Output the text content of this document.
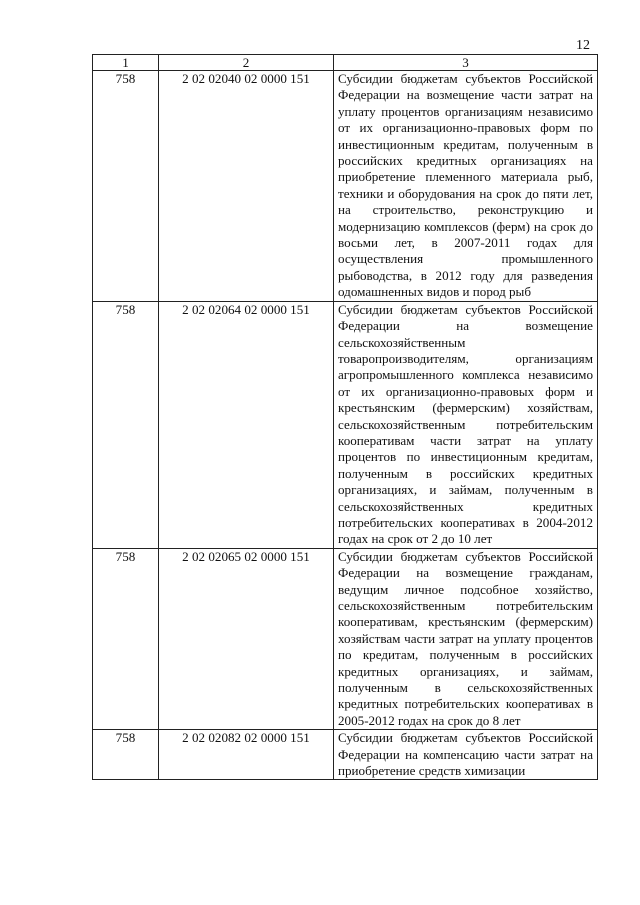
12
1	2	3
758	2 02 02040 02 0000 151	Субсидии бюджетам субъектов Российской Федерации на возмещение части затрат на уплату процентов организациям независимо от их организационно-правовых форм по инвестиционным кредитам, полученным в российских кредитных организациях на приобретение племенного материала рыб, техники и оборудования на срок до пяти лет, на строительство, реконструкцию и модернизацию комплексов (ферм) на срок до восьми лет, в 2007-2011 годах для осуществления промышленного рыбоводства, в 2012 году для разведения одомашненных видов и пород рыб
758	2 02 02064 02 0000 151	Субсидии бюджетам субъектов Российской Федерации на возмещение сельскохозяйственным товаропроизводителям, организациям агропромышленного комплекса независимо от их организационно-правовых форм и крестьянским (фермерским) хозяйствам, сельскохозяйственным потребительским кооперативам части затрат на уплату процентов по инвестиционным кредитам, полученным в российских кредитных организациях, и займам, полученным в сельскохозяйственных кредитных потребительских кооперативах в 2004-2012 годах на срок от 2 до 10 лет
758	2 02 02065 02 0000 151	Субсидии бюджетам субъектов Российской Федерации на возмещение гражданам, ведущим личное подсобное хозяйство, сельскохозяйственным потребительским кооперативам, крестьянским (фермерским) хозяйствам части затрат на уплату процентов по кредитам, полученным в российских кредитных организациях, и займам, полученным в сельскохозяйственных кредитных потребительских кооперативах в 2005-2012 годах на срок до 8 лет
758	2 02 02082 02 0000 151	Субсидии бюджетам субъектов Российской Федерации на компенсацию части затрат на приобретение средств химизации
